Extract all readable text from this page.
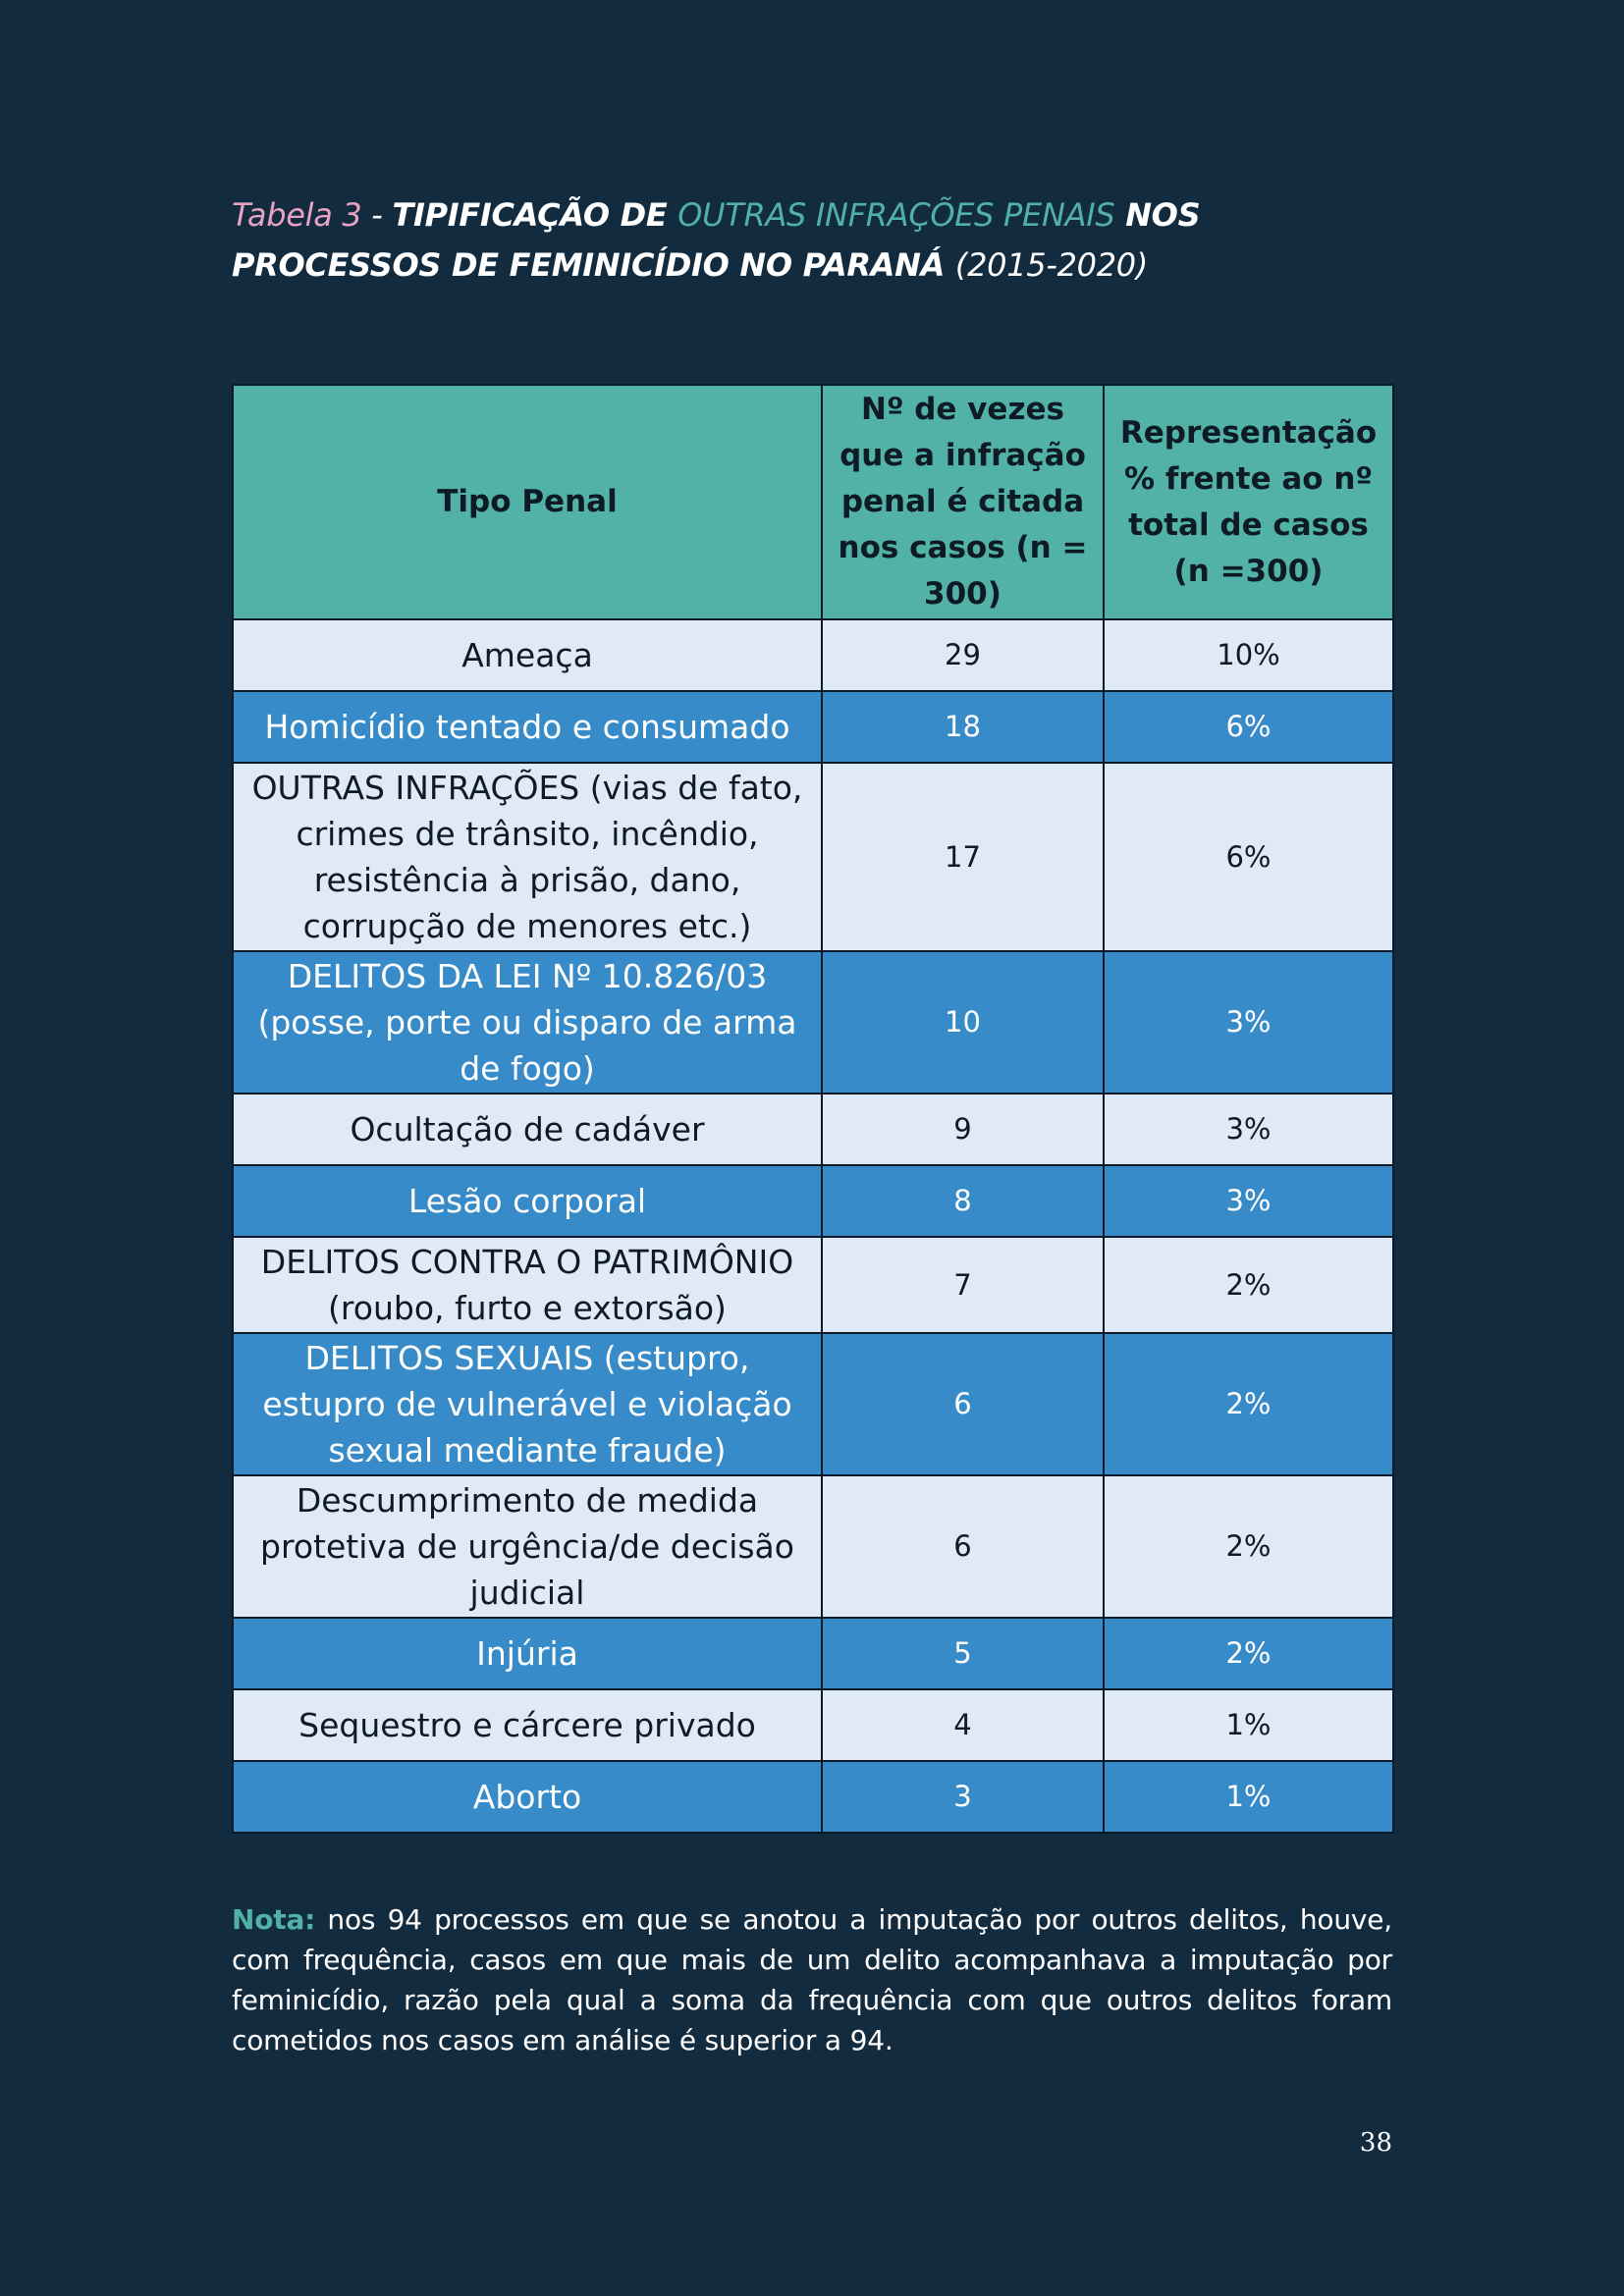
Tabela 3 - TIPIFICAÇÃO DE OUTRAS INFRAÇÕES PENAIS NOS PROCESSOS DE FEMINICÍDIO NO PARANÁ (2015-2020)
Tipo Penal	Nº de vezes que a infração penal é citada nos casos (n = 300)	Representação % frente ao nº total de casos (n =300)
Ameaça	29	10%
Homicídio tentado e consumado	18	6%
OUTRAS INFRAÇÕES (vias de fato, crimes de trânsito, incêndio, resistência à prisão, dano, corrupção de menores etc.)	17	6%
DELITOS DA LEI Nº 10.826/03 (posse, porte ou disparo de arma de fogo)	10	3%
Ocultação de cadáver	9	3%
Lesão corporal	8	3%
DELITOS CONTRA O PATRIMÔNIO (roubo, furto e extorsão)	7	2%
DELITOS SEXUAIS (estupro, estupro de vulnerável e violação sexual mediante fraude)	6	2%
Descumprimento de medida protetiva de urgência/de decisão judicial	6	2%
Injúria	5	2%
Sequestro e cárcere privado	4	1%
Aborto	3	1%
Nota: nos 94 processos em que se anotou a imputação por outros delitos, houve, com frequência, casos em que mais de um delito acompanhava a imputação por feminicídio, razão pela qual a soma da frequência com que outros delitos foram cometidos nos casos em análise é superior a 94.
38
